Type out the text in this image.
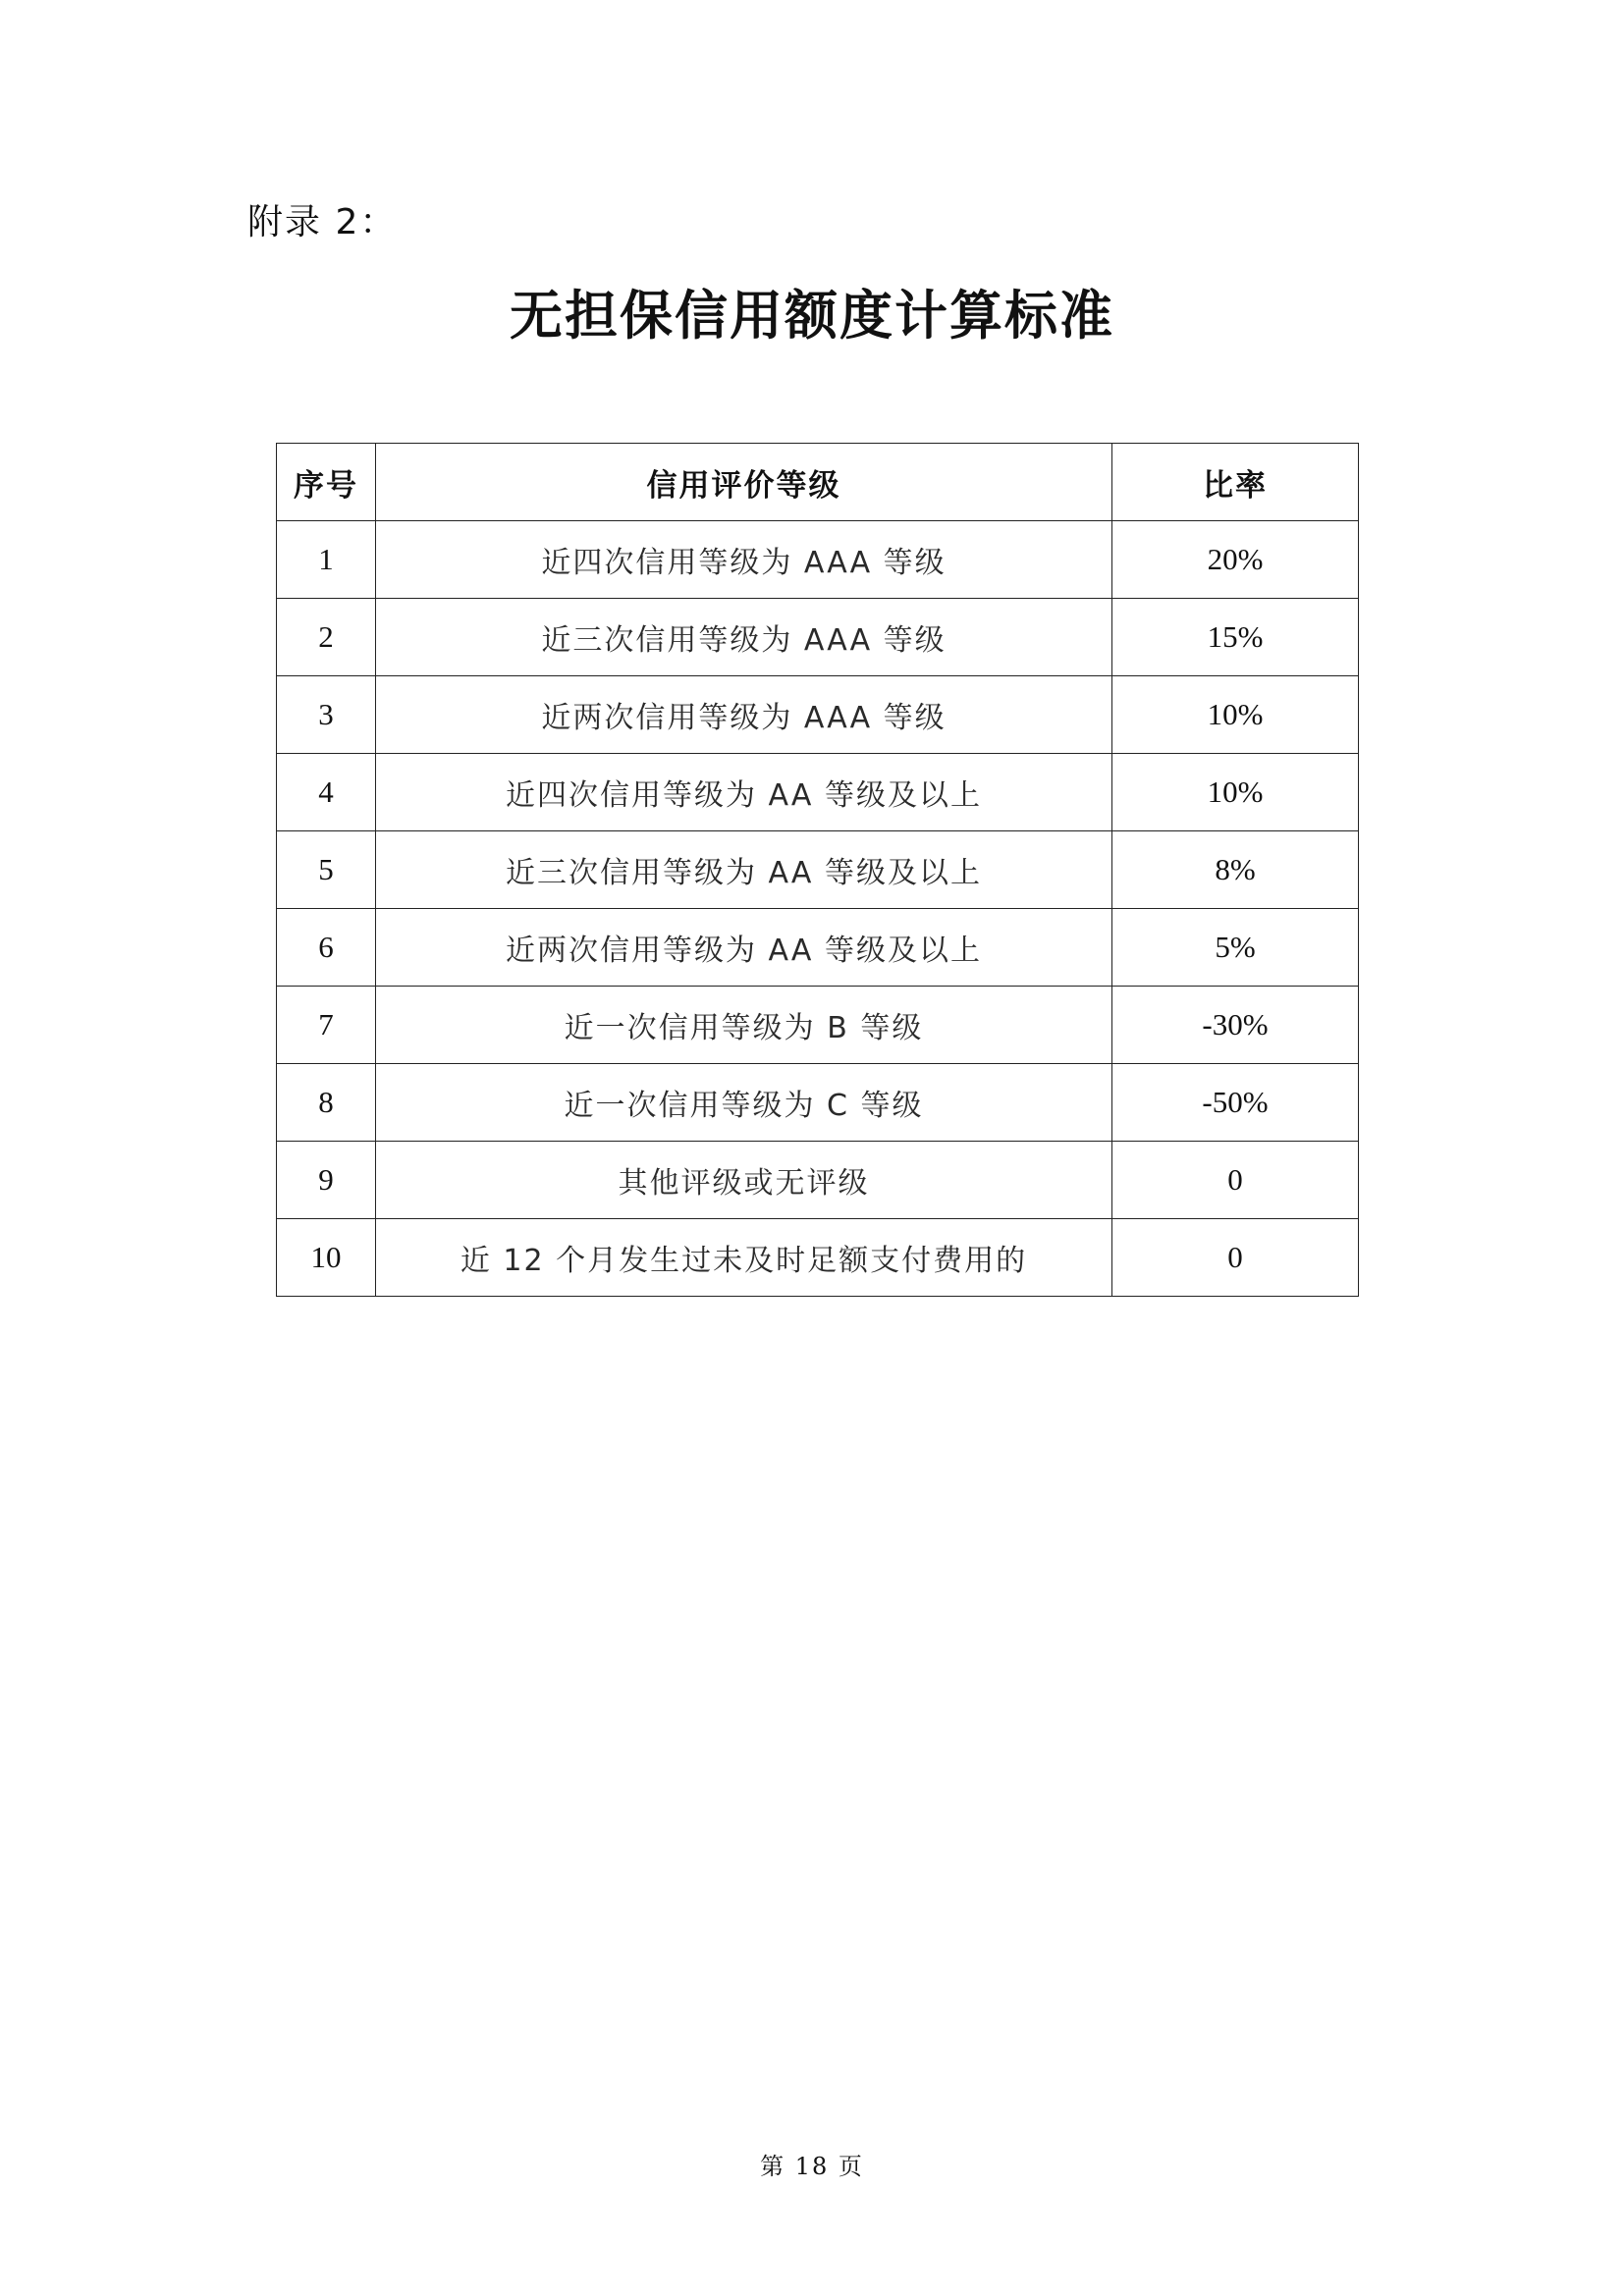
附录 2：
无担保信用额度计算标准
序号	信用评价等级	比率
1	近四次信用等级为 AAA 等级	20%
2	近三次信用等级为 AAA 等级	15%
3	近两次信用等级为 AAA 等级	10%
4	近四次信用等级为 AA 等级及以上	10%
5	近三次信用等级为 AA 等级及以上	8%
6	近两次信用等级为 AA 等级及以上	5%
7	近一次信用等级为 B 等级	-30%
8	近一次信用等级为 C 等级	-50%
9	其他评级或无评级	0
10	近 12 个月发生过未及时足额支付费用的	0
第 18 页
